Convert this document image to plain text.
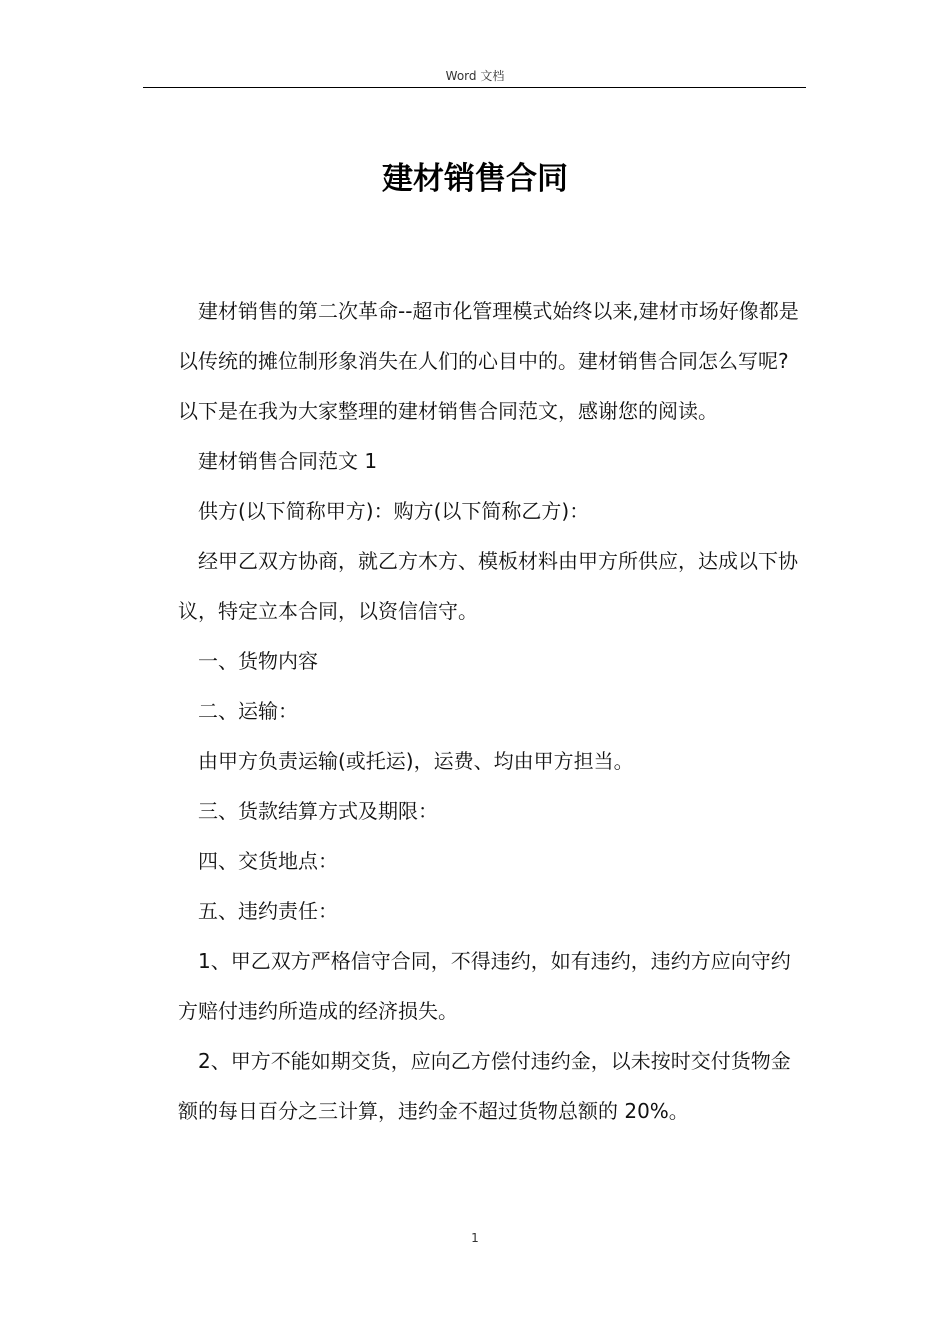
Word 文档
建材销售合同

建材销售的第二次革命--超市化管理模式始终以来,建材市场好像都是以传统的摊位制形象消失在人们的心目中的。建材销售合同怎么写呢?以下是在我为大家整理的建材销售合同范文，感谢您的阅读。

建材销售合同范文 1

供方(以下简称甲方)：购方(以下简称乙方)：

经甲乙双方协商，就乙方木方、模板材料由甲方所供应，达成以下协议，特定立本合同，以资信信守。

一、货物内容

二、运输：

由甲方负责运输(或托运)，运费、均由甲方担当。

三、货款结算方式及期限：

四、交货地点：

五、违约责任：

1、甲乙双方严格信守合同，不得违约，如有违约，违约方应向守约方赔付违约所造成的经济损失。

2、甲方不能如期交货，应向乙方偿付违约金，以未按时交付货物金额的每日百分之三计算，违约金不超过货物总额的 20%。

1
